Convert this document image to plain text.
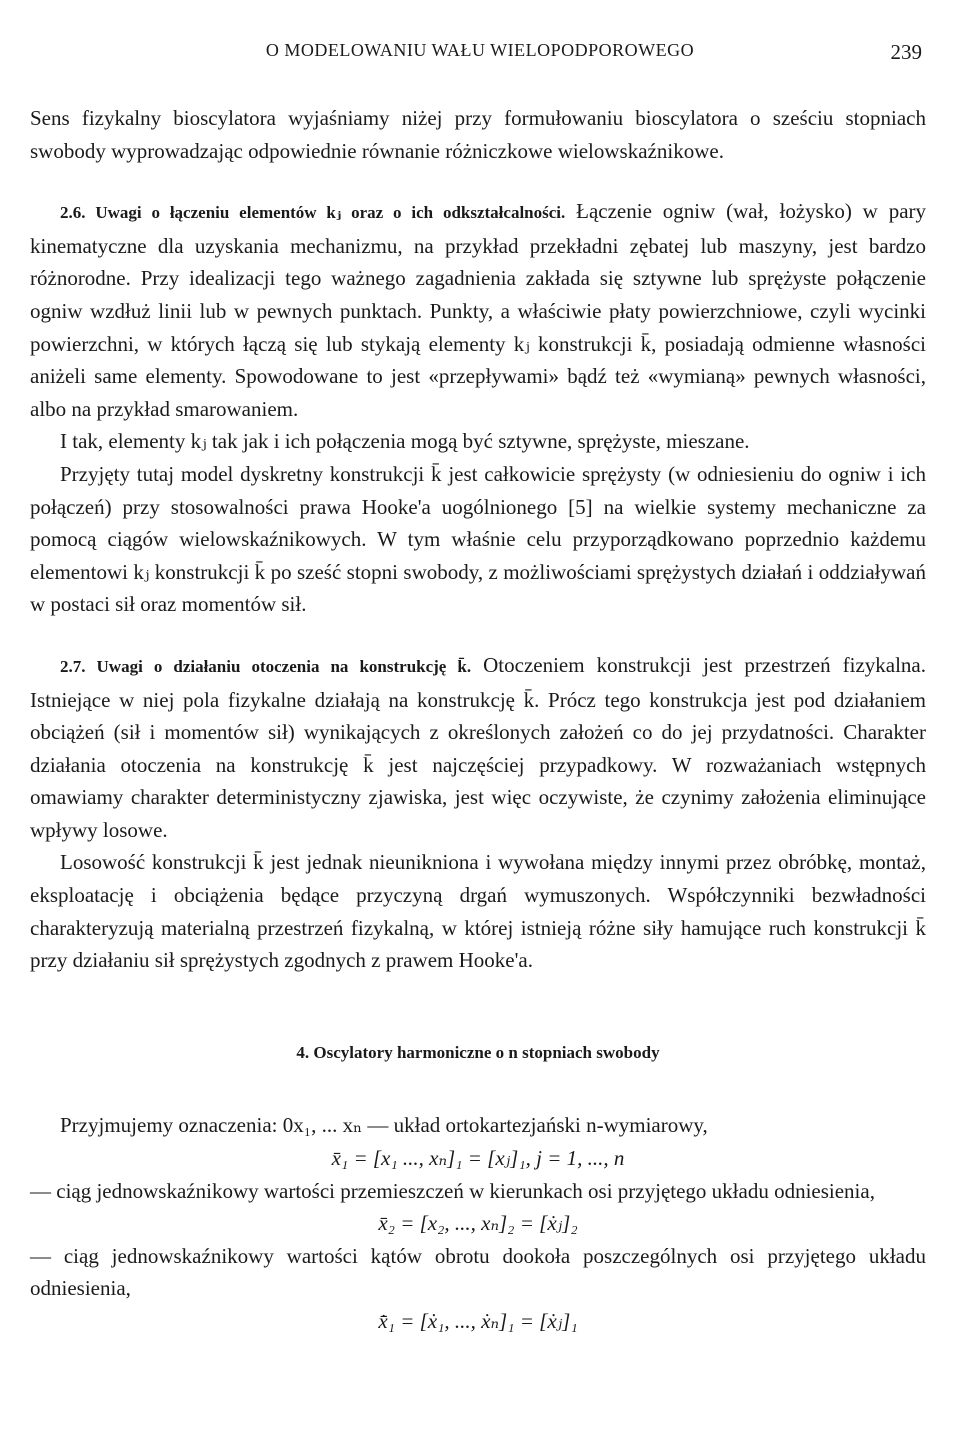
O MODELOWANIU WAŁU WIELOPODPOROWEGO	239

Sens fizykalny bioscylatora wyjaśniamy niżej przy formułowaniu bioscylatora o sześciu stopniach swobody wyprowadzając odpowiednie równanie różniczkowe wielowskaźnikowe.

2.6. Uwagi o łączeniu elementów kⱼ oraz o ich odkształcalności. Łączenie ogniw (wał, łożysko) w pary kinematyczne dla uzyskania mechanizmu, na przykład przekładni zębatej lub maszyny, jest bardzo różnorodne. Przy idealizacji tego ważnego zagadnienia zakłada się sztywne lub sprężyste połączenie ogniw wzdłuż linii lub w pewnych punktach. Punkty, a właściwie płaty powierzchniowe, czyli wycinki powierzchni, w których łączą się lub stykają elementy kⱼ konstrukcji k̄, posiadają odmienne własności aniżeli same elementy. Spowodowane to jest «przepływami» bądź też «wymianą» pewnych własności, albo na przykład smarowaniem.

I tak, elementy kⱼ tak jak i ich połączenia mogą być sztywne, sprężyste, mieszane.

Przyjęty tutaj model dyskretny konstrukcji k̄ jest całkowicie sprężysty (w odniesieniu do ogniw i ich połączeń) przy stosowalności prawa Hooke'a uogólnionego [5] na wielkie systemy mechaniczne za pomocą ciągów wielowskaźnikowych. W tym właśnie celu przyporządkowano poprzednio każdemu elementowi kⱼ konstrukcji k̄ po sześć stopni swobody, z możliwościami sprężystych działań i oddziaływań w postaci sił oraz momentów sił.

2.7. Uwagi o działaniu otoczenia na konstrukcję k̄. Otoczeniem konstrukcji jest przestrzeń fizykalna. Istniejące w niej pola fizykalne działają na konstrukcję k̄. Prócz tego konstrukcja jest pod działaniem obciążeń (sił i momentów sił) wynikających z określonych założeń co do jej przydatności. Charakter działania otoczenia na konstrukcję k̄ jest najczęściej przypadkowy. W rozważaniach wstępnych omawiamy charakter deterministyczny zjawiska, jest więc oczywiste, że czynimy założenia eliminujące wpływy losowe.

Losowość konstrukcji k̄ jest jednak nieunikniona i wywołana między innymi przez obróbkę, montaż, eksploatację i obciążenia będące przyczyną drgań wymuszonych. Współczynniki bezwładności charakteryzują materialną przestrzeń fizykalną, w której istnieją różne siły hamujące ruch konstrukcji k̄ przy działaniu sił sprężystych zgodnych z prawem Hooke'a.

4. Oscylatory harmoniczne o n stopniach swobody

Przyjmujemy oznaczenia: 0x₁, ... xₙ — układ ortokartezjański n-wymiarowy,

x̄₁ = [x₁ ..., xₙ]₁ = [xⱼ]₁, j = 1, ..., n

— ciąg jednowskaźnikowy wartości przemieszczeń w kierunkach osi przyjętego układu odniesienia,

x̄₂ = [x₂, ..., xₙ]₂ = [ẋⱼ]₂

— ciąg jednowskaźnikowy wartości kątów obrotu dookoła poszczególnych osi przyjętego układu odniesienia,

x̄̇₁ = [ẋ₁, ..., ẋₙ]₁ = [ẋⱼ]₁
